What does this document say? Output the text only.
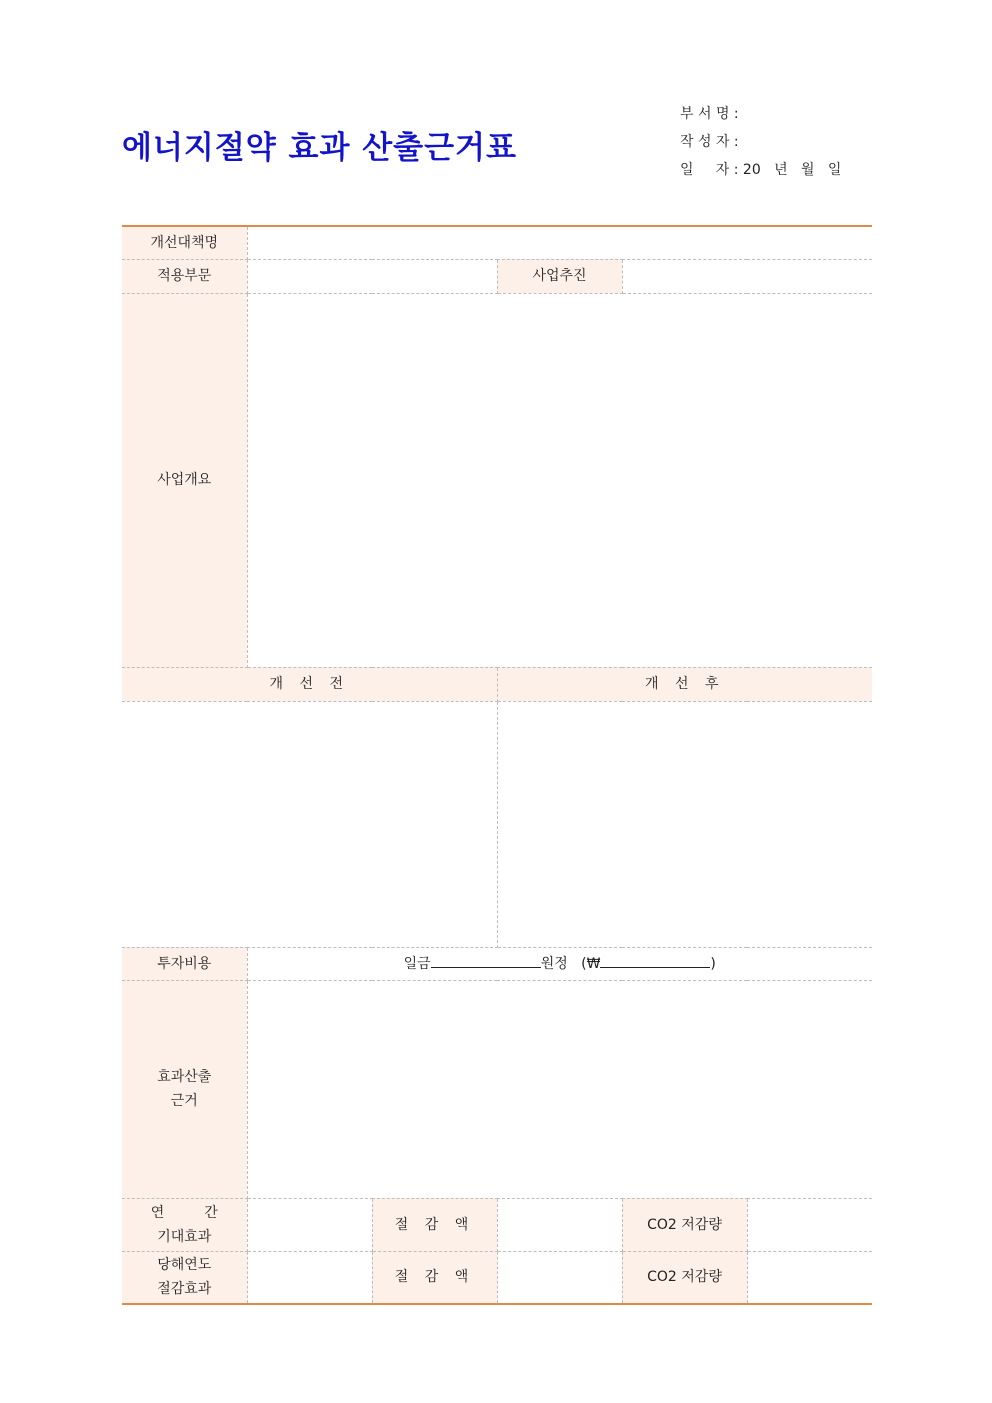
에너지절약 효과 산출근거표
부 서 명 :
작 성 자 :
일     자 : 20   년   월   일
개선대책명					
적용부문			사업추진		
사업개요					
개 선 전			개 선 후		

투자비용	일금 원정 (₩ )				

효과산출
근거					

연         간
기대효과		절 감 액		CO2 저감량	

당해연도
절감효과		절 감 액		CO2 저감량	
